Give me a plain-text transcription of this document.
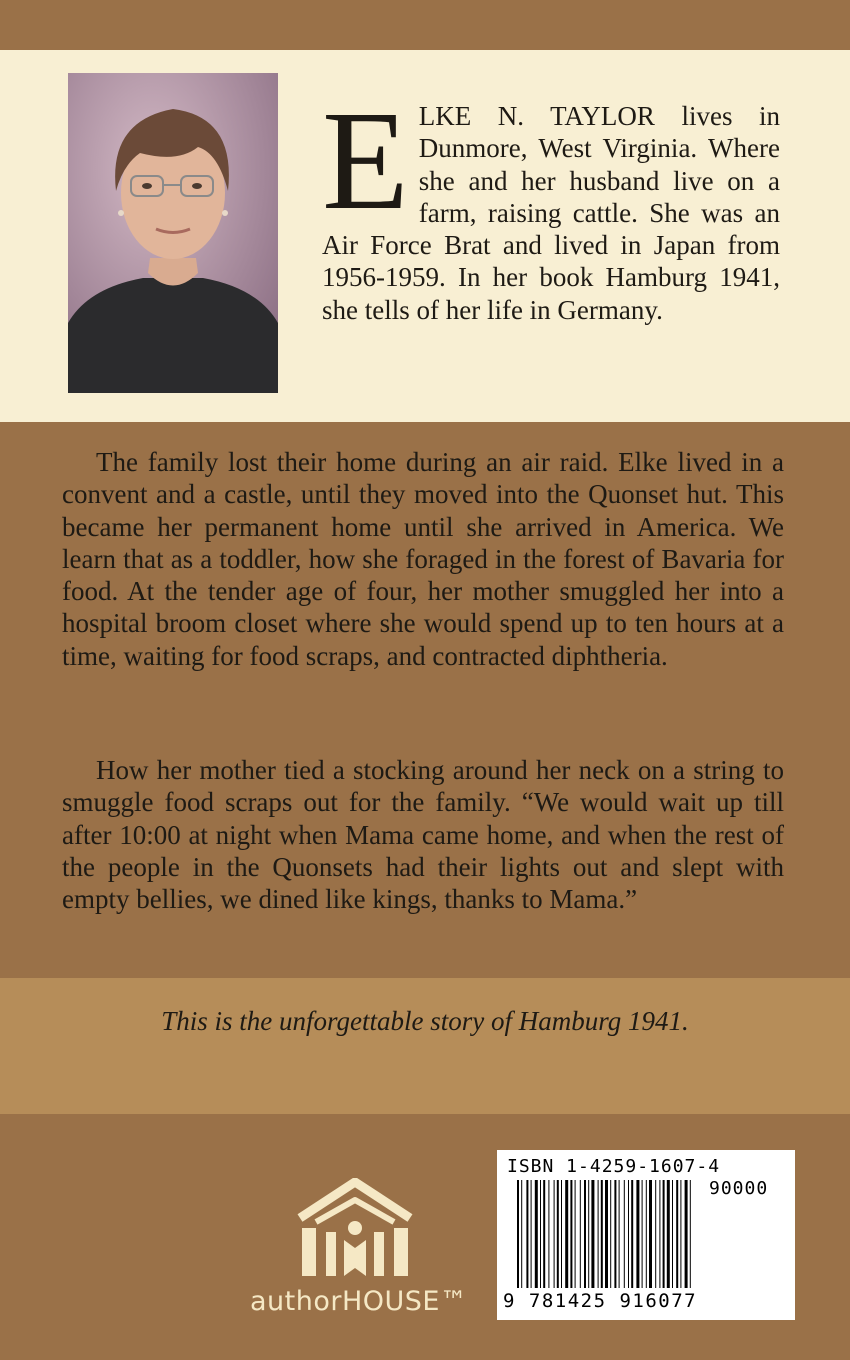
ELKE N. TAYLOR lives in Dunmore, West Virginia. Where she and her husband live on a farm, raising cattle. She was an Air Force Brat and lived in Japan from 1956-1959. In her book Hamburg 1941, she tells of her life in Germany.

The family lost their home during an air raid. Elke lived in a convent and a castle, until they moved into the Quonset hut. This became her permanent home until she arrived in America. We learn that as a toddler, how she foraged in the forest of Bavaria for food. At the tender age of four, her mother smuggled her into a hospital broom closet where she would spend up to ten hours at a time, waiting for food scraps, and contracted diphtheria.

How her mother tied a stocking around her neck on a string to smuggle food scraps out for the family. “We would wait up till after 10:00 at night when Mama came home, and when the rest of the people in the Quonsets had their lights out and slept with empty bellies, we dined like kings, thanks to Mama.”

This is the unforgettable story of Hamburg 1941.

authorHOUSE™
ISBN 1-4259-1607-4
90000
9 781425 916077
